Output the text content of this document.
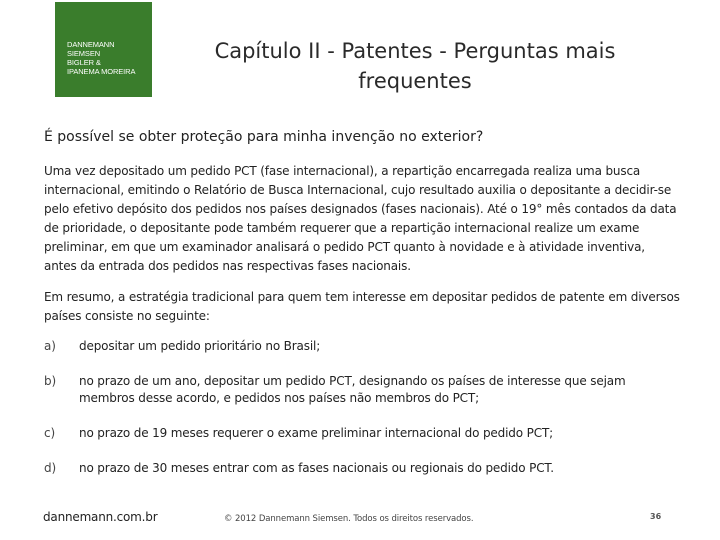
DANNEMANN
SIEMSEN
BIGLER &
IPANEMA MOREIRA
Capítulo II - Patentes - Perguntas mais frequentes
É possível se obter proteção para minha invenção no exterior?

Uma vez depositado um pedido PCT (fase internacional), a repartição encarregada realiza uma busca internacional, emitindo o Relatório de Busca Internacional, cujo resultado auxilia o depositante a decidir-se pelo efetivo depósito dos pedidos nos países designados (fases nacionais). Até o 19° mês contados da data de prioridade, o depositante pode também requerer que a repartição internacional realize um exame preliminar, em que um examinador analisará o pedido PCT quanto à novidade e à atividade inventiva, antes da entrada dos pedidos nas respectivas fases nacionais.

Em resumo, a estratégia tradicional para quem tem interesse em depositar pedidos de patente em diversos países consiste no seguinte:

a)	depositar um pedido prioritário no Brasil;
b)	no prazo de um ano, depositar um pedido PCT, designando os países de interesse que sejam membros desse acordo, e pedidos nos países não membros do PCT;
c)	no prazo de 19 meses requerer o exame preliminar internacional do pedido PCT;
d)	no prazo de 30 meses entrar com as fases nacionais ou regionais do pedido PCT.
dannemann.com.br	© 2012 Dannemann Siemsen. Todos os direitos reservados.	36
